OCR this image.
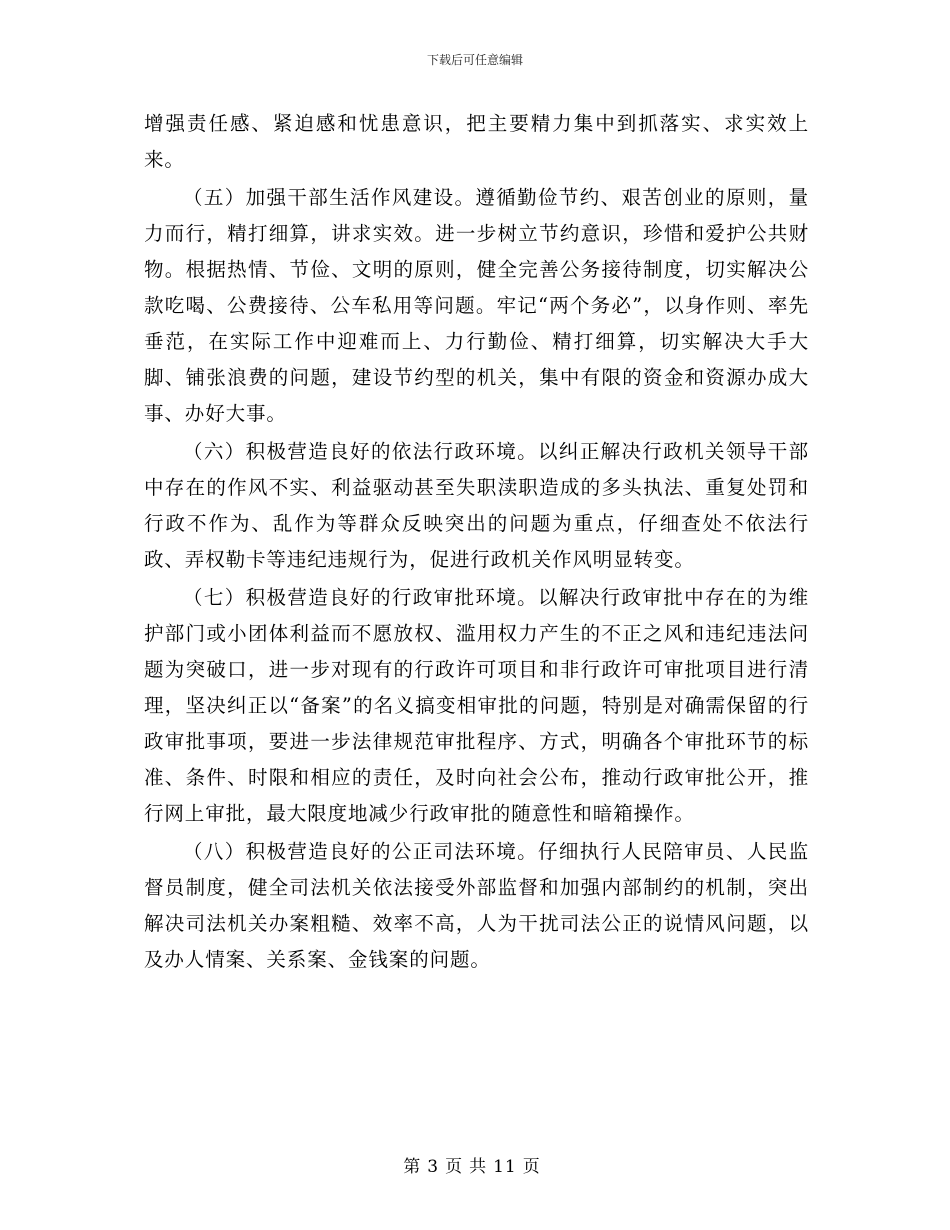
下载后可任意编辑

增强责任感、紧迫感和忧患意识，把主要精力集中到抓落实、求实效上来。

（五）加强干部生活作风建设。遵循勤俭节约、艰苦创业的原则，量力而行，精打细算，讲求实效。进一步树立节约意识，珍惜和爱护公共财物。根据热情、节俭、文明的原则，健全完善公务接待制度，切实解决公款吃喝、公费接待、公车私用等问题。牢记“两个务必”，以身作则、率先垂范，在实际工作中迎难而上、力行勤俭、精打细算，切实解决大手大脚、铺张浪费的问题，建设节约型的机关，集中有限的资金和资源办成大事、办好大事。

（六）积极营造良好的依法行政环境。以纠正解决行政机关领导干部中存在的作风不实、利益驱动甚至失职渎职造成的多头执法、重复处罚和行政不作为、乱作为等群众反映突出的问题为重点，仔细查处不依法行政、弄权勒卡等违纪违规行为，促进行政机关作风明显转变。

（七）积极营造良好的行政审批环境。以解决行政审批中存在的为维护部门或小团体利益而不愿放权、滥用权力产生的不正之风和违纪违法问题为突破口，进一步对现有的行政许可项目和非行政许可审批项目进行清理，坚决纠正以“备案”的名义搞变相审批的问题，特别是对确需保留的行政审批事项，要进一步法律规范审批程序、方式，明确各个审批环节的标准、条件、时限和相应的责任，及时向社会公布，推动行政审批公开，推行网上审批，最大限度地减少行政审批的随意性和暗箱操作。

（八）积极营造良好的公正司法环境。仔细执行人民陪审员、人民监督员制度，健全司法机关依法接受外部监督和加强内部制约的机制，突出解决司法机关办案粗糙、效率不高，人为干扰司法公正的说情风问题，以及办人情案、关系案、金钱案的问题。

第 3 页 共 11 页
